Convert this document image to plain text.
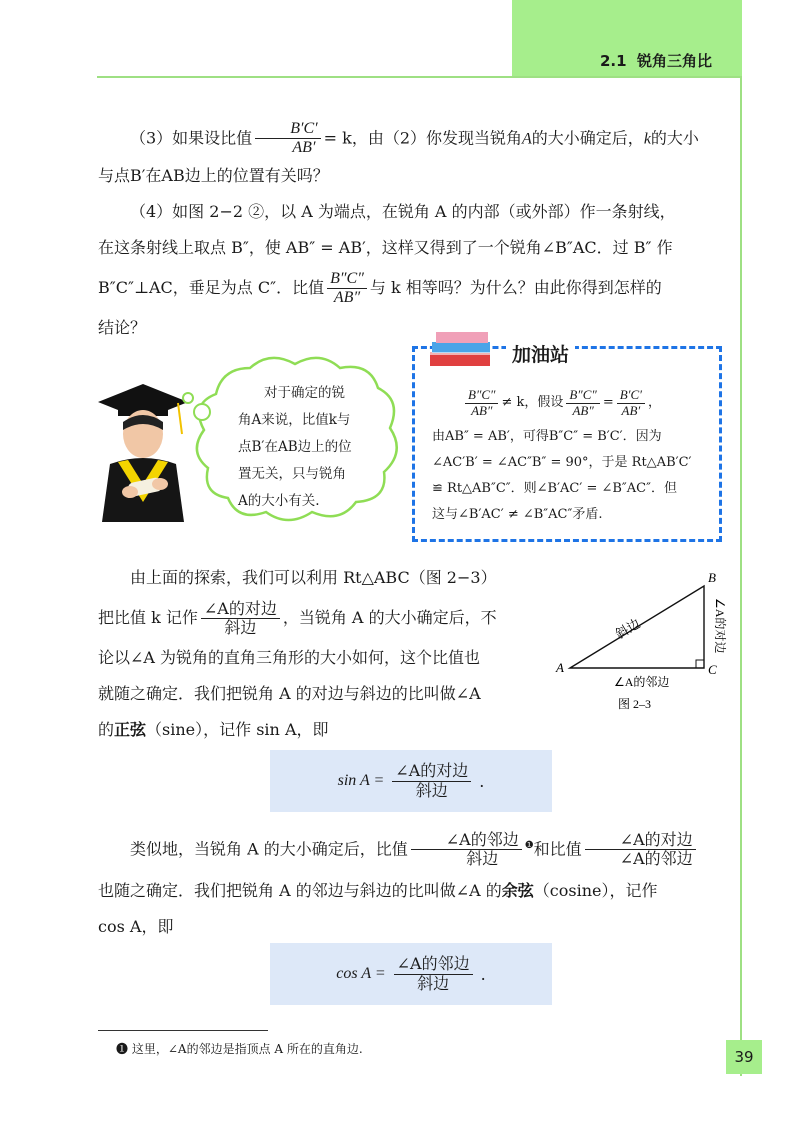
2.1 锐角三角比

（3）如果设比值 $\frac{B'C'}{AB'} = k$，由（2）你发现当锐角A的大小确定后，k的大小

与点B′在AB边上的位置有关吗？

（4）如图 2−2 ②，以 A 为端点，在锐角 A 的内部（或外部）作一条射线，

在这条射线上取点 B″，使 AB″ = AB′，这样又得到了一个锐角∠B″AC．过 B″ 作

B″C″⊥AC，垂足为点 C″．比值 $\frac{B''C''}{AB''}$ 与 k 相等吗？为什么？由此你得到怎样的

结论？

对于确定的锐
角A来说，比值k与
点B′在AB边上的位
置无关，只与锐角
A的大小有关.
加油站
$\frac{B''C''}{AB''} \ne k$，假设 $\frac{B''C''}{AB''} = \frac{B'C'}{AB'}$ ，
由AB″ = AB′，可得B″C″ = B′C′．因为
∠AC′B′ = ∠AC″B″ = 90°，于是 Rt△AB′C′
≌ Rt△AB″C″．则∠B′AC′ = ∠B″AC″．但
这与∠B′AC′ ≠ ∠B″AC″矛盾.

由上面的探索，我们可以利用 Rt△ABC（图 2−3）

把比值 k 记作 $\frac{\text{∠A的对边}}{\text{斜边}}$ ，当锐角 A 的大小确定后，不

论以∠A 为锐角的直角三角形的大小如何，这个比值也

就随之确定．我们把锐角 A 的对边与斜边的比叫做∠A

的正弦（sine），记作 sin A，即

B
A	C
斜边	∠A的对边
∠A的邻边
图 2–3
$\sin A = \frac{\text{∠A的对边}}{\text{斜边}}$ .

类似地，当锐角 A 的大小确定后，比值 $\frac{\text{∠A的邻边}}{\text{斜边}} ^❶$和比值 $\frac{\text{∠A的对边}}{\text{∠A的邻边}}$

也随之确定．我们把锐角 A 的邻边与斜边的比叫做∠A 的余弦（cosine），记作

cos A，即

$\cos A = \frac{\text{∠A的邻边}}{\text{斜边}}$ .
❶ 这里，∠A的邻边是指顶点 A 所在的直角边.	39
